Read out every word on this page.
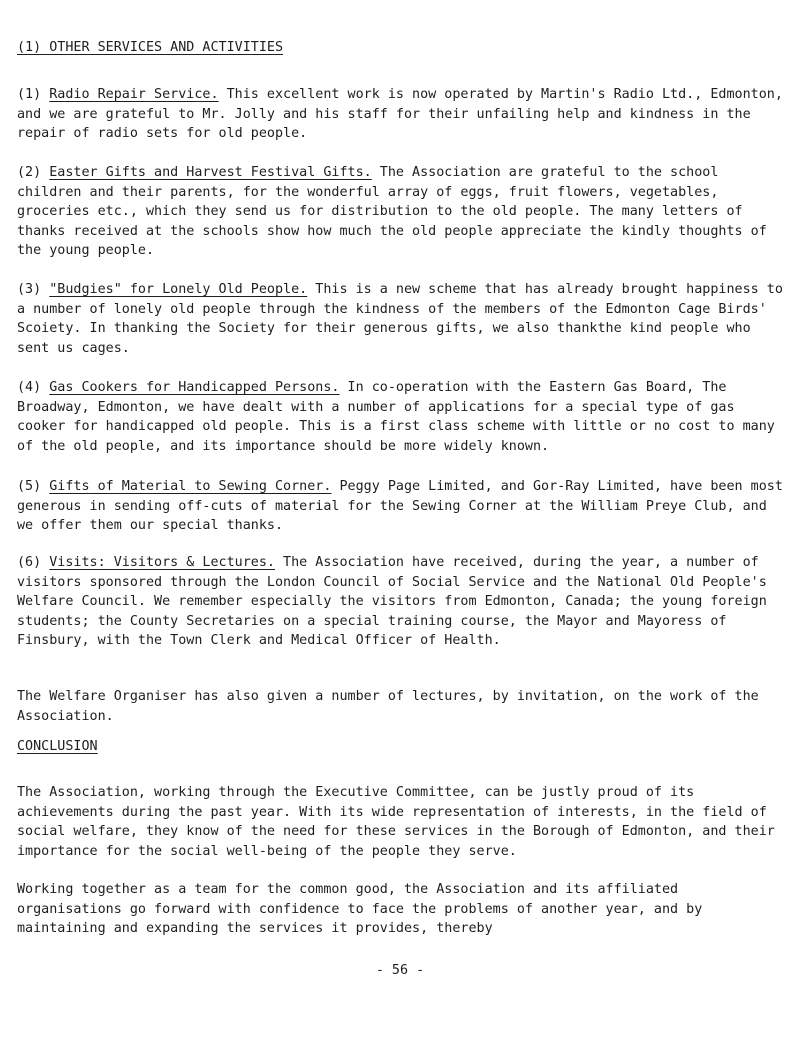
(1) OTHER SERVICES AND ACTIVITIES

(1) Radio Repair Service. This excellent work is now operated by Martin's Radio Ltd., Edmonton, and we are grateful to Mr. Jolly and his staff for their unfailing help and kindness in the repair of radio sets for old people.

(2) Easter Gifts and Harvest Festival Gifts. The Association are grateful to the school children and their parents, for the wonderful array of eggs, fruit flowers, vegetables, groceries etc., which they send us for distribution to the old people. The many letters of thanks received at the schools show how much the old people appreciate the kindly thoughts of the young people.

(3) "Budgies" for Lonely Old People. This is a new scheme that has already brought happiness to a number of lonely old people through the kindness of the members of the Edmonton Cage Birds' Scoiety. In thanking the Society for their generous gifts, we also thankthe kind people who sent us cages.

(4) Gas Cookers for Handicapped Persons. In co-operation with the Eastern Gas Board, The Broadway, Edmonton, we have dealt with a number of applications for a special type of gas cooker for handicapped old people. This is a first class scheme with little or no cost to many of the old people, and its importance should be more widely known.

(5) Gifts of Material to Sewing Corner. Peggy Page Limited, and Gor-Ray Limited, have been most generous in sending off-cuts of material for the Sewing Corner at the William Preye Club, and we offer them our special thanks.

(6) Visits: Visitors & Lectures. The Association have received, during the year, a number of visitors sponsored through the London Council of Social Service and the National Old People's Welfare Council. We remember especially the visitors from Edmonton, Canada; the young foreign students; the County Secretaries on a special training course, the Mayor and Mayoress of Finsbury, with the Town Clerk and Medical Officer of Health.

The Welfare Organiser has also given a number of lectures, by invitation, on the work of the Association.

CONCLUSION

The Association, working through the Executive Committee, can be justly proud of its achievements during the past year. With its wide representation of interests, in the field of social welfare, they know of the need for these services in the Borough of Edmonton, and their importance for the social well-being of the people they serve.

Working together as a team for the common good, the Association and its affiliated organisations go forward with confidence to face the problems of another year, and by maintaining and expanding the services it provides, thereby

- 56 -
